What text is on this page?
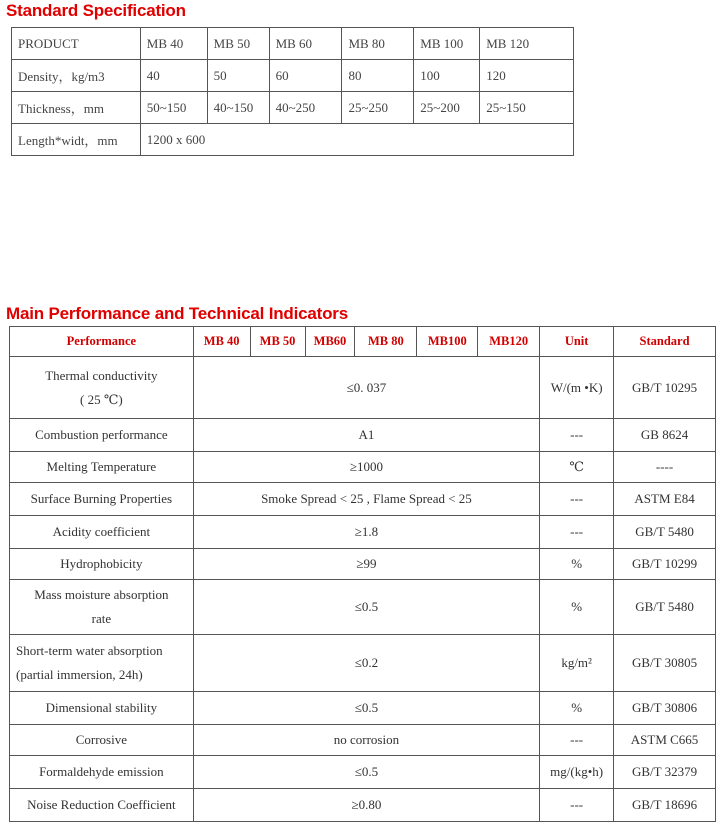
Standard Specification
PRODUCT	MB 40	MB 50	MB 60	MB 80	MB 100	MB 120
Density，kg/m3	40	50	60	80	100	120
Thickness，mm	50~150	40~150	40~250	25~250	25~200	25~150
Length*widt，mm	1200 x 600					
Main Performance and Technical Indicators
Performance	MB 40	MB 50	MB60	MB 80	MB100	MB120	Unit	Standard

Thermal conductivity
( 25 ℃)	≤0. 037						W/(m •K)	GB/T 10295

Combustion performance	A1						---	GB 8624

Melting Temperature	≥1000						℃	----

Surface Burning Properties	Smoke Spread < 25 , Flame Spread < 25						---	ASTM E84

Acidity coefficient	≥1.8						---	GB/T 5480

Hydrophobicity	≥99						%	GB/T 10299

Mass moisture absorption
rate	≤0.5						%	GB/T 5480

Short-term water absorption
(partial immersion, 24h)	≤0.2						kg/m²	GB/T 30805

Dimensional stability	≤0.5						%	GB/T 30806

Corrosive	no corrosion						---	ASTM C665

Formaldehyde emission	≤0.5						mg/(kg•h)	GB/T 32379

Noise Reduction Coefficient	≥0.80						---	GB/T 18696
